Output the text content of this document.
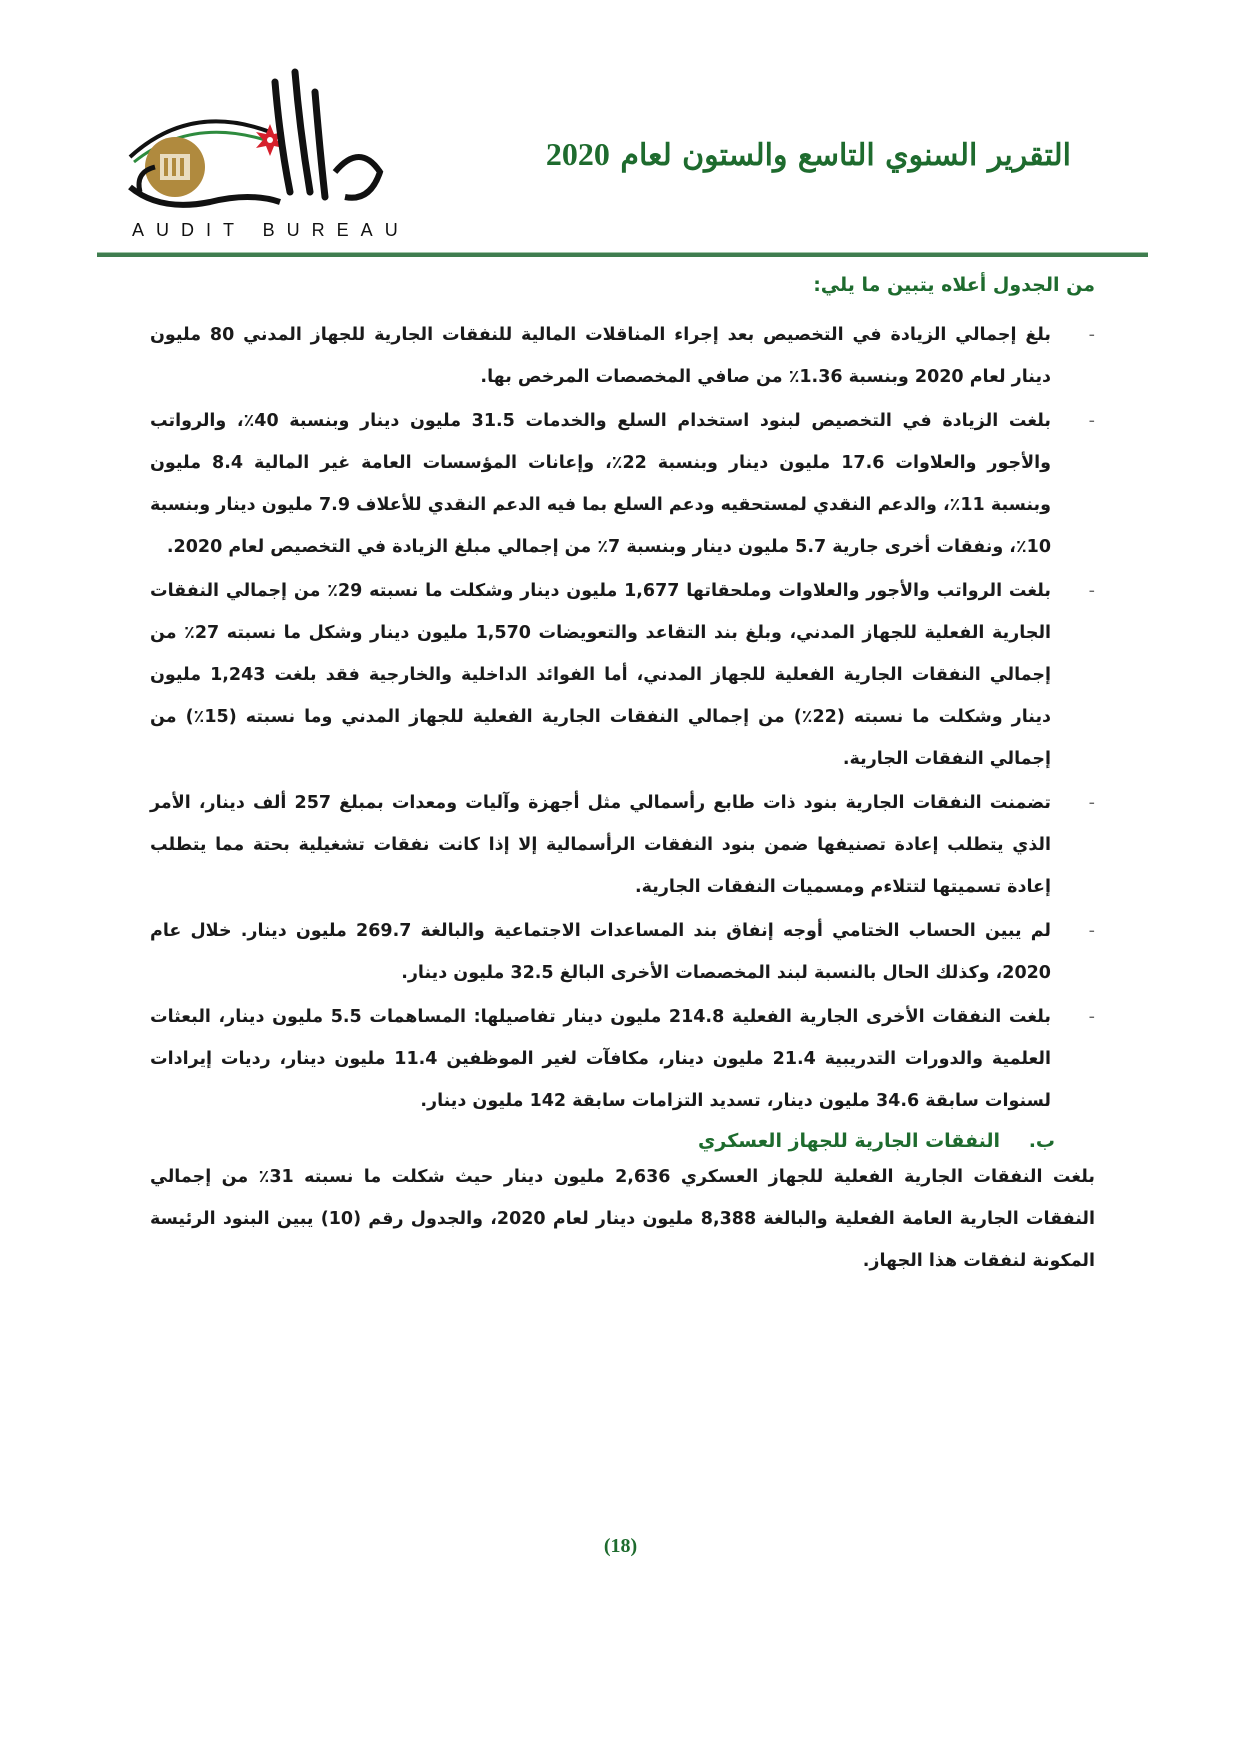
AUDIT BUREAU
التقرير السنوي التاسع والستون لعام 2020
من الجدول أعلاه يتبين ما يلي:
-
بلغ إجمالي الزيادة في التخصيص بعد إجراء المناقلات المالية للنفقات الجارية للجهاز المدني 80 مليون دينار لعام 2020 وبنسبة 1.36٪ من صافي المخصصات المرخص بها.
-
بلغت الزيادة في التخصيص لبنود استخدام السلع والخدمات 31.5 مليون دينار وبنسبة 40٪، والرواتب والأجور والعلاوات 17.6 مليون دينار وبنسبة 22٪، وإعانات المؤسسات العامة غير المالية 8.4 مليون وبنسبة 11٪، والدعم النقدي لمستحقيه ودعم السلع بما فيه الدعم النقدي للأعلاف 7.9 مليون دينار وبنسبة 10٪، ونفقات أخرى جارية 5.7 مليون دينار وبنسبة 7٪ من إجمالي مبلغ الزيادة في التخصيص لعام 2020.
-
بلغت الرواتب والأجور والعلاوات وملحقاتها 1,677 مليون دينار وشكلت ما نسبته 29٪ من إجمالي النفقات الجارية الفعلية للجهاز المدني، وبلغ بند التقاعد والتعويضات 1,570 مليون دينار وشكل ما نسبته 27٪ من إجمالي النفقات الجارية الفعلية للجهاز المدني، أما الفوائد الداخلية والخارجية فقد بلغت 1,243 مليون دينار وشكلت ما نسبته (22٪) من إجمالي النفقات الجارية الفعلية للجهاز المدني وما نسبته (15٪) من إجمالي النفقات الجارية.
-
تضمنت النفقات الجارية بنود ذات طابع رأسمالي مثل أجهزة وآليات ومعدات بمبلغ 257 ألف دينار، الأمر الذي يتطلب إعادة تصنيفها ضمن بنود النفقات الرأسمالية إلا إذا كانت نفقات تشغيلية بحتة مما يتطلب إعادة تسميتها لتتلاءم ومسميات النفقات الجارية.
-
لم يبين الحساب الختامي أوجه إنفاق بند المساعدات الاجتماعية والبالغة 269.7 مليون دينار. خلال عام 2020، وكذلك الحال بالنسبة لبند المخصصات الأخرى البالغ 32.5 مليون دينار.
-
بلغت النفقات الأخرى الجارية الفعلية 214.8 مليون دينار تفاصيلها: المساهمات 5.5 مليون دينار، البعثات العلمية والدورات التدريبية 21.4 مليون دينار، مكافآت لغير الموظفين 11.4 مليون دينار، رديات إيرادات لسنوات سابقة 34.6 مليون دينار، تسديد التزامات سابقة 142 مليون دينار.
ب. النفقات الجارية للجهاز العسكري
بلغت النفقات الجارية الفعلية للجهاز العسكري 2,636 مليون دينار حيث شكلت ما نسبته 31٪ من إجمالي النفقات الجارية العامة الفعلية والبالغة 8,388 مليون دينار لعام 2020، والجدول رقم (10) يبين البنود الرئيسة المكونة لنفقات هذا الجهاز.
(18)
